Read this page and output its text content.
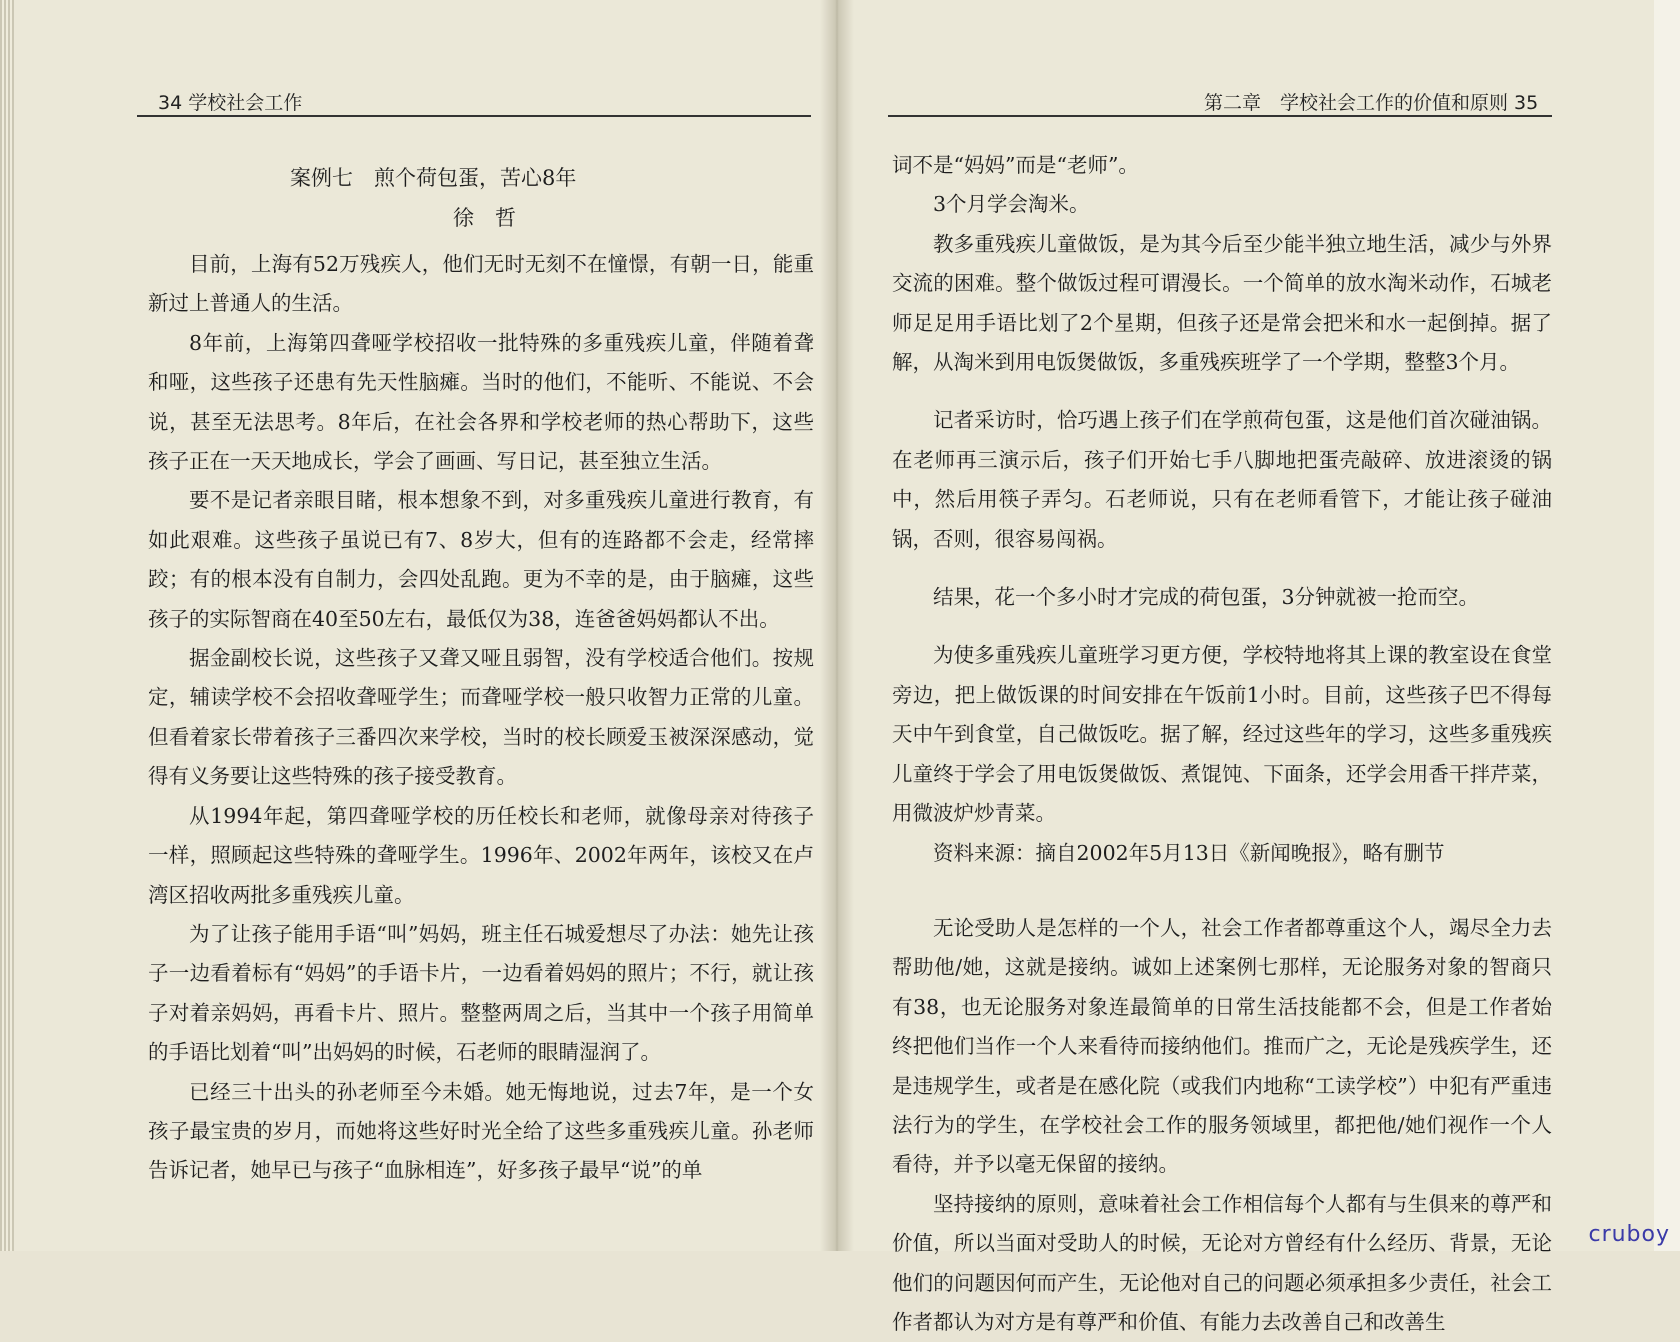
34 学校社会工作
案例七　煎个荷包蛋，苦心8年
徐　哲

目前，上海有52万残疾人，他们无时无刻不在憧憬，有朝一日，能重新过上普通人的生活。

8年前，上海第四聋哑学校招收一批特殊的多重残疾儿童，伴随着聋和哑，这些孩子还患有先天性脑瘫。当时的他们，不能听、不能说、不会说，甚至无法思考。8年后，在社会各界和学校老师的热心帮助下，这些孩子正在一天天地成长，学会了画画、写日记，甚至独立生活。

要不是记者亲眼目睹，根本想象不到，对多重残疾儿童进行教育，有如此艰难。这些孩子虽说已有7、8岁大，但有的连路都不会走，经常摔跤；有的根本没有自制力，会四处乱跑。更为不幸的是，由于脑瘫，这些孩子的实际智商在40至50左右，最低仅为38，连爸爸妈妈都认不出。

据金副校长说，这些孩子又聋又哑且弱智，没有学校适合他们。按规定，辅读学校不会招收聋哑学生；而聋哑学校一般只收智力正常的儿童。但看着家长带着孩子三番四次来学校，当时的校长顾爱玉被深深感动，觉得有义务要让这些特殊的孩子接受教育。

从1994年起，第四聋哑学校的历任校长和老师，就像母亲对待孩子一样，照顾起这些特殊的聋哑学生。1996年、2002年两年，该校又在卢湾区招收两批多重残疾儿童。

为了让孩子能用手语“叫”妈妈，班主任石城爱想尽了办法：她先让孩子一边看着标有“妈妈”的手语卡片，一边看着妈妈的照片；不行，就让孩子对着亲妈妈，再看卡片、照片。整整两周之后，当其中一个孩子用简单的手语比划着“叫”出妈妈的时候，石老师的眼睛湿润了。

已经三十出头的孙老师至今未婚。她无悔地说，过去7年，是一个女孩子最宝贵的岁月，而她将这些好时光全给了这些多重残疾儿童。孙老师告诉记者，她早已与孩子“血脉相连”，好多孩子最早“说”的单

第二章　学校社会工作的价值和原则 35

词不是“妈妈”而是“老师”。

3个月学会淘米。

教多重残疾儿童做饭，是为其今后至少能半独立地生活，减少与外界交流的困难。整个做饭过程可谓漫长。一个简单的放水淘米动作，石城老师足足用手语比划了2个星期，但孩子还是常会把米和水一起倒掉。据了解，从淘米到用电饭煲做饭，多重残疾班学了一个学期，整整3个月。

记者采访时，恰巧遇上孩子们在学煎荷包蛋，这是他们首次碰油锅。在老师再三演示后，孩子们开始七手八脚地把蛋壳敲碎、放进滚烫的锅中，然后用筷子弄匀。石老师说，只有在老师看管下，才能让孩子碰油锅，否则，很容易闯祸。

结果，花一个多小时才完成的荷包蛋，3分钟就被一抢而空。

为使多重残疾儿童班学习更方便，学校特地将其上课的教室设在食堂旁边，把上做饭课的时间安排在午饭前1小时。目前，这些孩子巴不得每天中午到食堂，自己做饭吃。据了解，经过这些年的学习，这些多重残疾儿童终于学会了用电饭煲做饭、煮馄饨、下面条，还学会用香干拌芹菜，用微波炉炒青菜。

资料来源：摘自2002年5月13日《新闻晚报》，略有删节

无论受助人是怎样的一个人，社会工作者都尊重这个人，竭尽全力去帮助他/她，这就是接纳。诚如上述案例七那样，无论服务对象的智商只有38，也无论服务对象连最简单的日常生活技能都不会，但是工作者始终把他们当作一个人来看待而接纳他们。推而广之，无论是残疾学生，还是违规学生，或者是在感化院（或我们内地称“工读学校”）中犯有严重违法行为的学生，在学校社会工作的服务领域里，都把他/她们视作一个人看待，并予以毫无保留的接纳。

坚持接纳的原则，意味着社会工作相信每个人都有与生俱来的尊严和价值，所以当面对受助人的时候，无论对方曾经有什么经历、背景，无论他们的问题因何而产生，无论他对自己的问题必须承担多少责任，社会工作者都认为对方是有尊严和价值、有能力去改善自己和改善生

cruboy
